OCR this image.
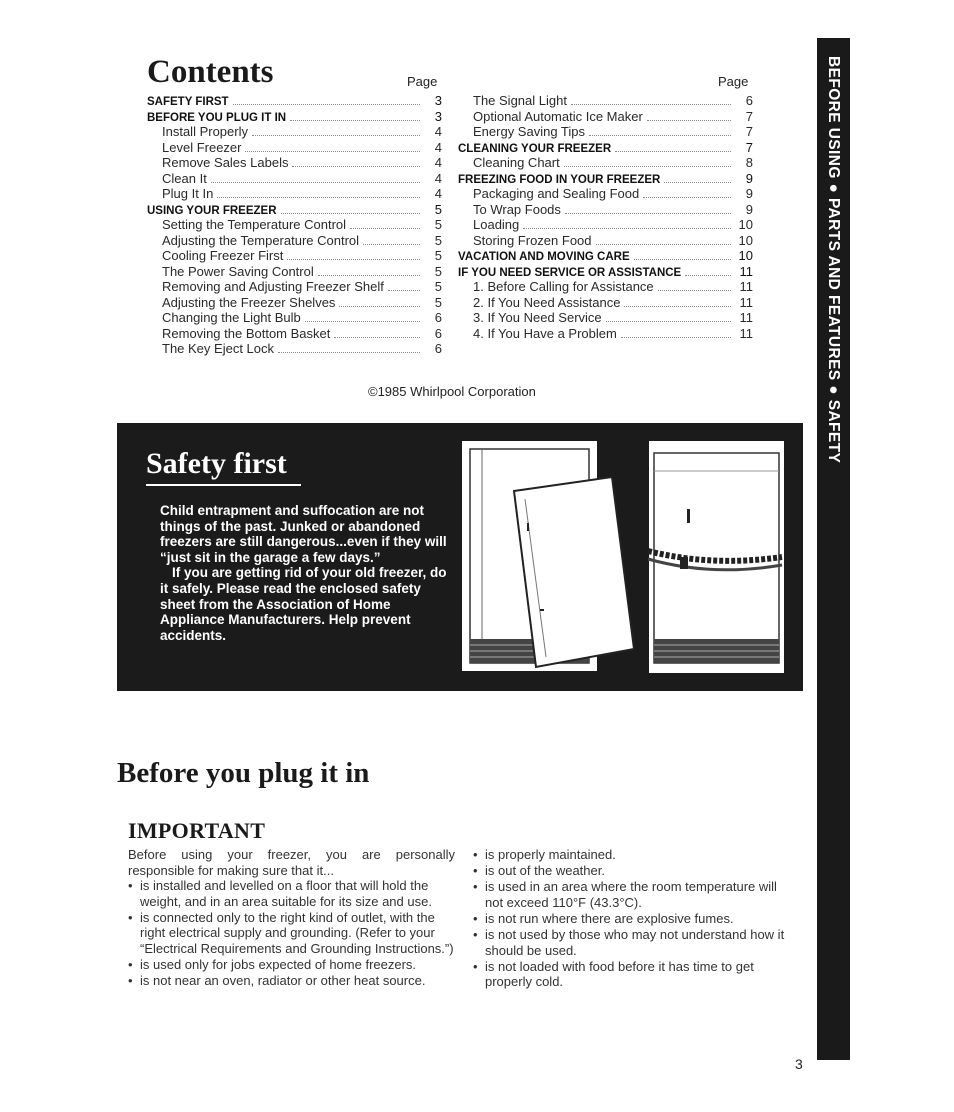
Contents	Page	Page
SAFETY FIRST	3
BEFORE YOU PLUG IT IN	3
Install Properly	4
Level Freezer	4
Remove Sales Labels	4
Clean It	4
Plug It In	4
USING YOUR FREEZER	5
Setting the Temperature Control	5
Adjusting the Temperature Control	5
Cooling Freezer First	5
The Power Saving Control	5
Removing and Adjusting Freezer Shelf	5
Adjusting the Freezer Shelves	5
Changing the Light Bulb	6
Removing the Bottom Basket	6
The Key Eject Lock	6
The Signal Light	6
Optional Automatic Ice Maker	7
Energy Saving Tips	7
CLEANING YOUR FREEZER	7
Cleaning Chart	8
FREEZING FOOD IN YOUR FREEZER	9
Packaging and Sealing Food	9
To Wrap Foods	9
Loading	10
Storing Frozen Food	10
VACATION AND MOVING CARE	10
IF YOU NEED SERVICE OR ASSISTANCE	11
1. Before Calling for Assistance	11
2. If You Need Assistance	11
3. If You Need Service	11
4. If You Have a Problem	11
©1985 Whirlpool Corporation
Safety first

Child entrapment and suffocation are not things of the past. Junked or abandoned freezers are still dangerous...even if they will “just sit in the garage a few days.”

If you are getting rid of your old freezer, do it safely. Please read the enclosed safety sheet from the Association of Home Appliance Manufacturers. Help prevent accidents.

Before you plug it in
IMPORTANT

Before using your freezer, you are personally responsible for making sure that it...

• is installed and levelled on a floor that will hold the weight, and in an area suitable for its size and use.
• is connected only to the right kind of outlet, with the right electrical supply and grounding. (Refer to your “Electrical Requirements and Grounding Instructions.”)
• is used only for jobs expected of home freezers.
• is not near an oven, radiator or other heat source.
• is properly maintained.
• is out of the weather.
• is used in an area where the room temperature will not exceed 110°F (43.3°C).
• is not run where there are explosive fumes.
• is not used by those who may not understand how it should be used.
• is not loaded with food before it has time to get properly cold.
BEFORE USING ● PARTS AND FEATURES ● SAFETY
3
